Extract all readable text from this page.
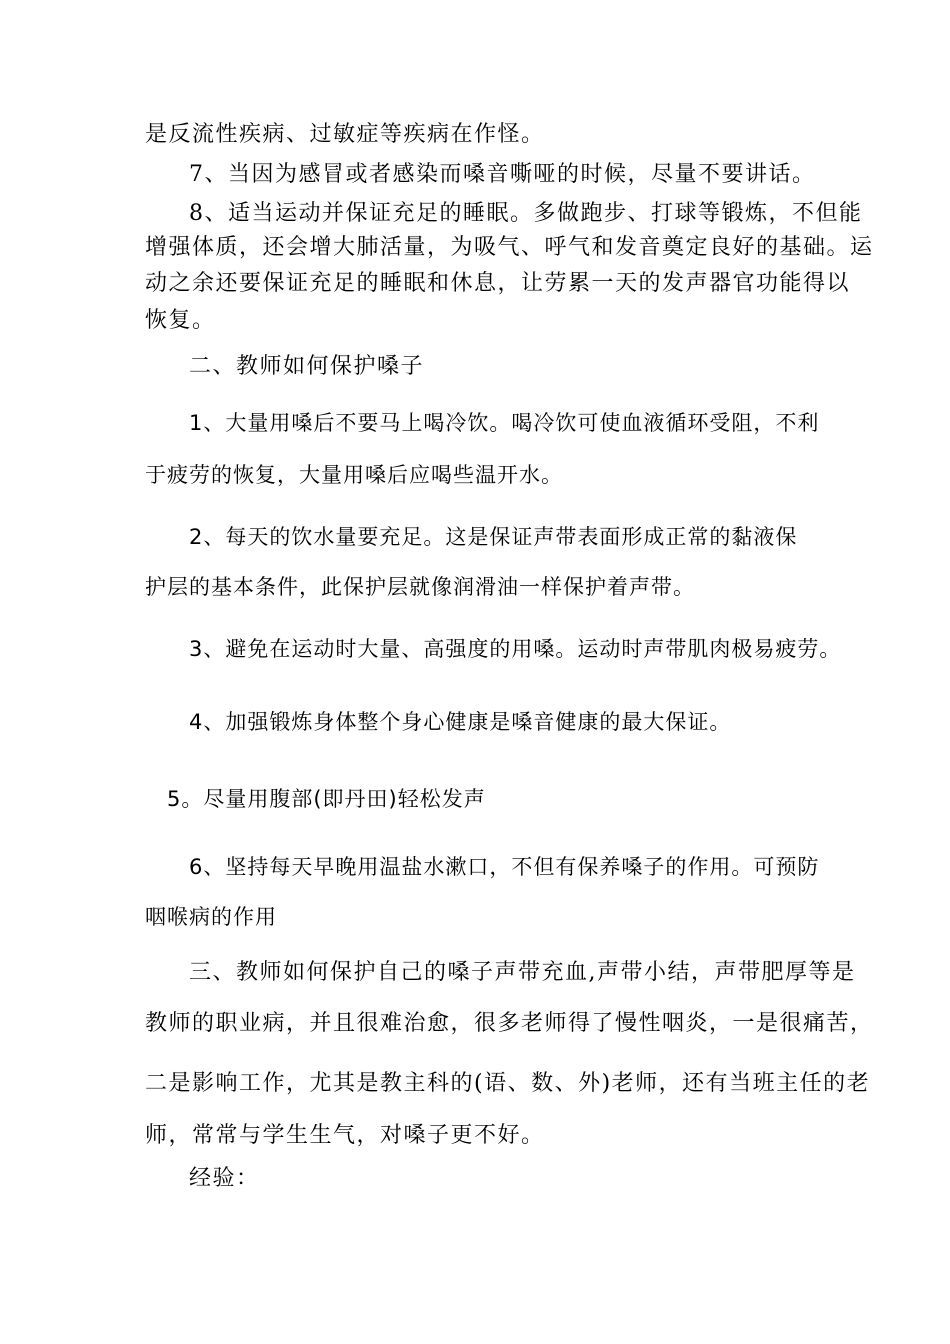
是反流性疾病、过敏症等疾病在作怪。
7、当因为感冒或者感染而嗓音嘶哑的时候，尽量不要讲话。
8、适当运动并保证充足的睡眠。多做跑步、打球等锻炼，不但能
增强体质，还会增大肺活量，为吸气、呼气和发音奠定良好的基础。运
动之余还要保证充足的睡眠和休息，让劳累一天的发声器官功能得以
恢复。
二、教师如何保护嗓子
1、大量用嗓后不要马上喝冷饮。喝冷饮可使血液循环受阻，不利
于疲劳的恢复，大量用嗓后应喝些温开水。
2、每天的饮水量要充足。这是保证声带表面形成正常的黏液保
护层的基本条件，此保护层就像润滑油一样保护着声带。
3、避免在运动时大量、高强度的用嗓。运动时声带肌肉极易疲劳。
4、加强锻炼身体整个身心健康是嗓音健康的最大保证。
5。尽量用腹部(即丹田)轻松发声
6、坚持每天早晚用温盐水漱口，不但有保养嗓子的作用。可预防
咽喉病的作用
三、教师如何保护自己的嗓子声带充血,声带小结，声带肥厚等是
教师的职业病，并且很难治愈，很多老师得了慢性咽炎，一是很痛苦，
二是影响工作，尤其是教主科的(语、数、外)老师，还有当班主任的老
师，常常与学生生气，对嗓子更不好。
经验：
